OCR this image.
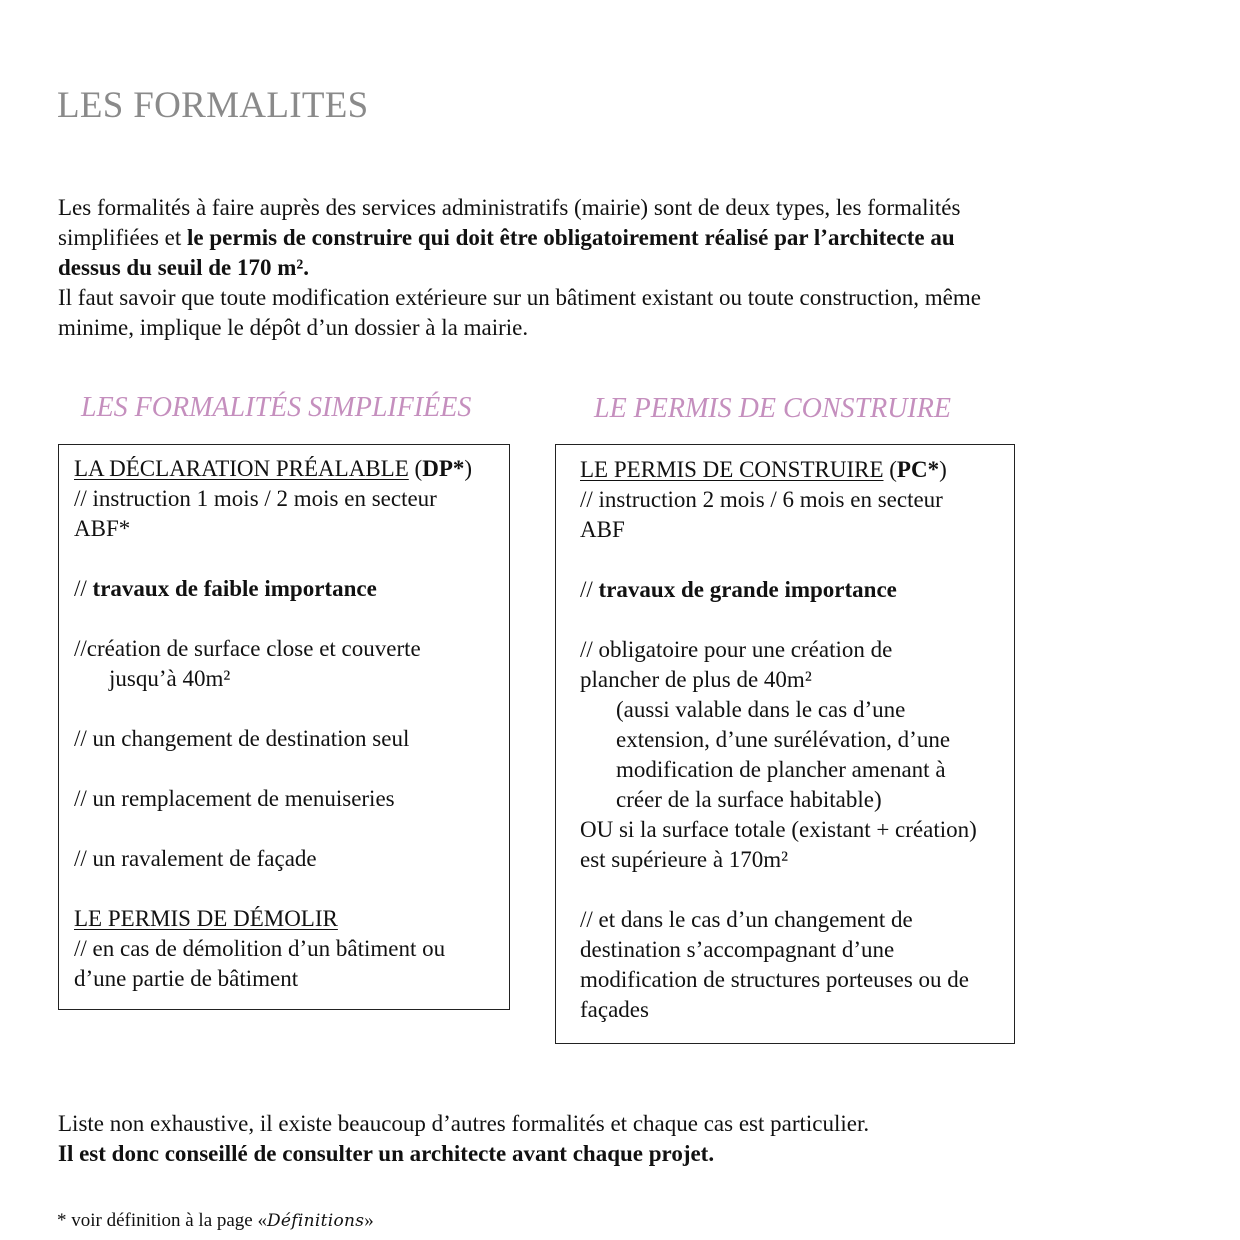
LES FORMALITES

Les formalités à faire auprès des services administratifs (mairie) sont de deux types, les formalités simplifiées et le permis de construire qui doit être obligatoirement réalisé par l’architecte au dessus du seuil de 170 m².

Il faut savoir que toute modification extérieure sur un bâtiment existant ou toute construction, même minime, implique le dépôt d’un dossier à la mairie.

LES FORMALITÉS SIMPLIFIÉES	LE PERMIS DE CONSTRUIRE

LA DÉCLARATION PRÉALABLE (DP*)

// instruction 1 mois / 2 mois en secteur

ABF*

// travaux de faible importance

//création de surface close et couverte

jusqu’à 40m²

// un changement de destination seul

// un remplacement de menuiseries

// un ravalement de façade

LE PERMIS DE DÉMOLIR

// en cas de démolition d’un bâtiment ou

d’une partie de bâtiment

LE PERMIS DE CONSTRUIRE (PC*)

// instruction 2 mois / 6 mois en secteur

ABF

// travaux de grande importance

// obligatoire pour une création de

plancher de plus de 40m²

(aussi valable dans le cas d’une

extension, d’une surélévation, d’une

modification de plancher amenant à

créer de la surface habitable)

OU si la surface totale (existant + création)

est supérieure à 170m²

// et dans le cas d’un changement de

destination s’accompagnant d’une

modification de structures porteuses ou de

façades

Liste non exhaustive, il existe beaucoup d’autres formalités et chaque cas est particulier.

Il est donc conseillé de consulter un architecte avant chaque projet.

* voir définition à la page «Définitions»
